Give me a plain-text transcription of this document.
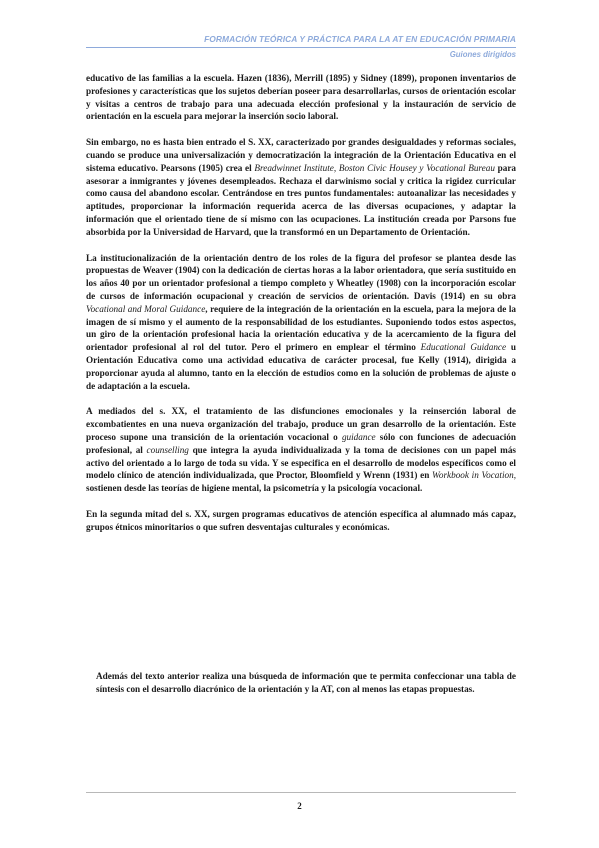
FORMACIÓN TEÓRICA Y PRÁCTICA PARA LA AT EN EDUCACIÓN PRIMARIA
Guiones dirigidos

educativo de las familias a la escuela. Hazen (1836), Merrill (1895) y Sidney (1899), proponen inventarios de profesiones y características que los sujetos deberían poseer para desarrollarlas, cursos de orientación escolar y visitas a centros de trabajo para una adecuada elección profesional y la instauración de servicio de orientación en la escuela para mejorar la inserción socio laboral.

Sin embargo, no es hasta bien entrado el S. XX, caracterizado por grandes desigualdades y reformas sociales, cuando se produce una universalización y democratización la integración de la Orientación Educativa en el sistema educativo. Pearsons (1905) crea el Breadwinnet Institute, Boston Civic Housey y Vocational Bureau para asesorar a inmigrantes y jóvenes desempleados. Rechaza el darwinismo social y critica la rigidez curricular como causa del abandono escolar. Centrándose en tres puntos fundamentales: autoanalizar las necesidades y aptitudes, proporcionar la información requerida acerca de las diversas ocupaciones, y adaptar la información que el orientado tiene de sí mismo con las ocupaciones. La institución creada por Parsons fue absorbida por la Universidad de Harvard, que la transformó en un Departamento de Orientación.

La institucionalización de la orientación dentro de los roles de la figura del profesor se plantea desde las propuestas de Weaver (1904) con la dedicación de ciertas horas a la labor orientadora, que sería sustituido en los años 40 por un orientador profesional a tiempo completo y Wheatley (1908) con la incorporación escolar de cursos de información ocupacional y creación de servicios de orientación. Davis (1914) en su obra Vocational and Moral Guidance, requiere de la integración de la orientación en la escuela, para la mejora de la imagen de sí mismo y el aumento de la responsabilidad de los estudiantes. Suponiendo todos estos aspectos, un giro de la orientación profesional hacia la orientación educativa y de la acercamiento de la figura del orientador profesional al rol del tutor. Pero el primero en emplear el término Educational Guidance u Orientación Educativa como una actividad educativa de carácter procesal, fue Kelly (1914), dirigida a proporcionar ayuda al alumno, tanto en la elección de estudios como en la solución de problemas de ajuste o de adaptación a la escuela.

A mediados del s. XX, el tratamiento de las disfunciones emocionales y la reinserción laboral de excombatientes en una nueva organización del trabajo, produce un gran desarrollo de la orientación. Este proceso supone una transición de la orientación vocacional o guidance sólo con funciones de adecuación profesional, al counselling que integra la ayuda individualizada y la toma de decisiones con un papel más activo del orientado a lo largo de toda su vida. Y se especifica en el desarrollo de modelos específicos como el modelo clínico de atención individualizada, que Proctor, Bloomfield y Wrenn (1931) en Workbook in Vocation, sostienen desde las teorías de higiene mental, la psicometría y la psicología vocacional.

En la segunda mitad del s. XX, surgen programas educativos de atención específica al alumnado más capaz, grupos étnicos minoritarios o que sufren desventajas culturales y económicas.

Además del texto anterior realiza una búsqueda de información que te permita confeccionar una tabla de síntesis con el desarrollo diacrónico de la orientación y la AT, con al menos las etapas propuestas.
2
